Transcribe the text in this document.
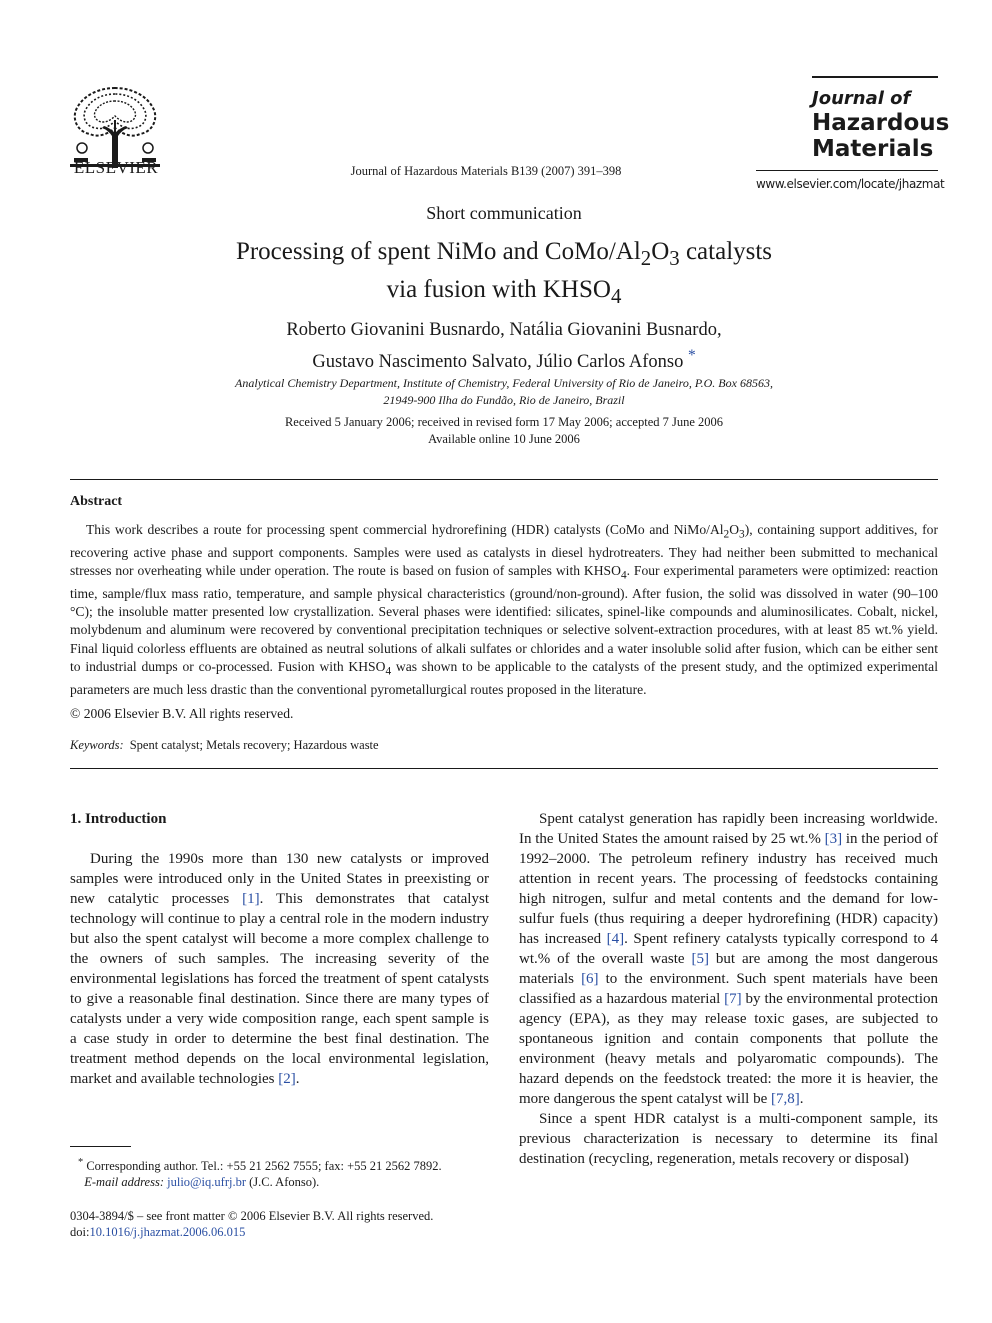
ELSEVIER	Journal of Hazardous Materials B139 (2007) 391–398
Journal of
Hazardous
Materials
www.elsevier.com/locate/jhazmat
Short communication
Processing of spent NiMo and CoMo/$Al_2O_3$ catalysts
via fusion with $KHSO_4$
Roberto Giovanini Busnardo, Natália Giovanini Busnardo,
Gustavo Nascimento Salvato, Júlio Carlos Afonso *
Analytical Chemistry Department, Institute of Chemistry, Federal University of Rio de Janeiro, P.O. Box 68563,
21949-900 Ilha do Fundão, Rio de Janeiro, Brazil
Received 5 January 2006; received in revised form 17 May 2006; accepted 7 June 2006
Available online 10 June 2006
Abstract
This work describes a route for processing spent commercial hydrorefining (HDR) catalysts (CoMo and NiMo/$Al_2O_3$), containing support additives, for recovering active phase and support components. Samples were used as catalysts in diesel hydrotreaters. They had neither been submitted to mechanical stresses nor overheating while under operation. The route is based on fusion of samples with $KHSO_4$. Four experimental parameters were optimized: reaction time, sample/flux mass ratio, temperature, and sample physical characteristics (ground/non-ground). After fusion, the solid was dissolved in water (90–100 °C); the insoluble matter presented low crystallization. Several phases were identified: silicates, spinel-like compounds and aluminosilicates. Cobalt, nickel, molybdenum and aluminum were recovered by conventional precipitation techniques or selective solvent-extraction procedures, with at least 85 wt.% yield. Final liquid colorless effluents are obtained as neutral solutions of alkali sulfates or chlorides and a water insoluble solid after fusion, which can be either sent to industrial dumps or co-processed. Fusion with $KHSO_4$ was shown to be applicable to the catalysts of the present study, and the optimized experimental parameters are much less drastic than the conventional pyrometallurgical routes proposed in the literature.
© 2006 Elsevier B.V. All rights reserved.
Keywords: Spent catalyst; Metals recovery; Hazardous waste
1. Introduction

During the 1990s more than 130 new catalysts or improved samples were introduced only in the United States in preexisting or new catalytic processes [1]. This demonstrates that catalyst technology will continue to play a central role in the modern industry but also the spent catalyst will become a more complex challenge to the owners of such samples. The increasing severity of the environmental legislations has forced the treatment of spent catalysts to give a reasonable final destination. Since there are many types of catalysts under a very wide composition range, each spent sample is a case study in order to determine the best final destination. The treatment method depends on the local environmental legislation, market and available technologies [2].

Spent catalyst generation has rapidly been increasing worldwide. In the United States the amount raised by 25 wt.% [3] in the period of 1992–2000. The petroleum refinery industry has received much attention in recent years. The processing of feedstocks containing high nitrogen, sulfur and metal contents and the demand for low-sulfur fuels (thus requiring a deeper hydrorefining (HDR) capacity) has increased [4]. Spent refinery catalysts typically correspond to 4 wt.% of the overall waste [5] but are among the most dangerous materials [6] to the environment. Such spent materials have been classified as a hazardous material [7] by the environmental protection agency (EPA), as they may release toxic gases, are subjected to spontaneous ignition and contain components that pollute the environment (heavy metals and polyaromatic compounds). The hazard depends on the feedstock treated: the more it is heavier, the more dangerous the spent catalyst will be [7,8].

Since a spent HDR catalyst is a multi-component sample, its previous characterization is necessary to determine its final destination (recycling, regeneration, metals recovery or disposal)

* Corresponding author. Tel.: +55 21 2562 7555; fax: +55 21 2562 7892.
E-mail address: julio@iq.ufrj.br (J.C. Afonso).
0304-3894/$ – see front matter © 2006 Elsevier B.V. All rights reserved.
doi:10.1016/j.jhazmat.2006.06.015
